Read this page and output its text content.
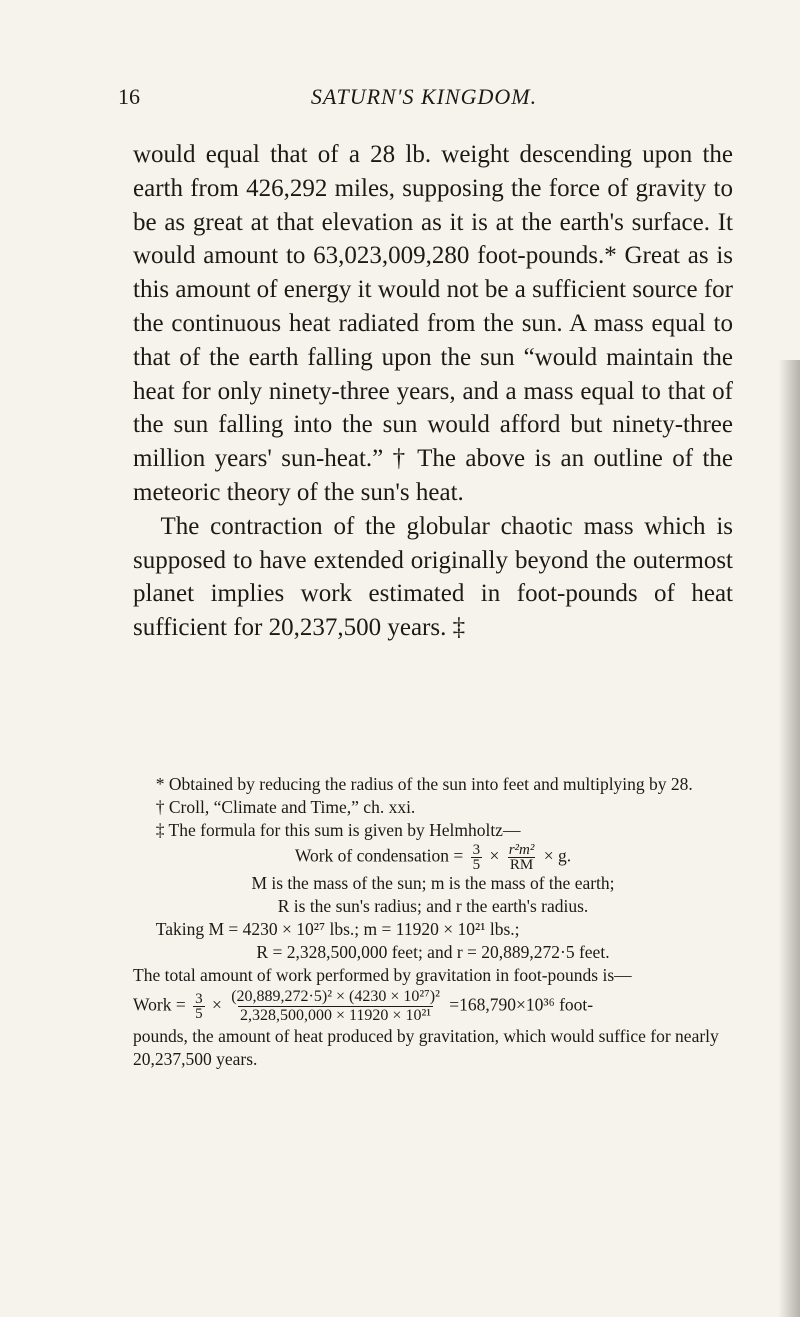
16	SATURN'S KINGDOM.

would equal that of a 28 lb. weight descending upon the earth from 426,292 miles, supposing the force of gravity to be as great at that elevation as it is at the earth's surface. It would amount to 63,023,009,280 foot-pounds.* Great as is this amount of energy it would not be a sufficient source for the continuous heat radiated from the sun. A mass equal to that of the earth falling upon the sun “would maintain the heat for only ninety-three years, and a mass equal to that of the sun falling into the sun would afford but ninety-three million years' sun-heat.” † The above is an outline of the meteoric theory of the sun's heat.

The contraction of the globular chaotic mass which is supposed to have extended originally beyond the outermost planet implies work estimated in foot-pounds of heat sufficient for 20,237,500 years. ‡

* Obtained by reducing the radius of the sun into feet and multiplying by 28.

† Croll, “Climate and Time,” ch. xxi.

‡ The formula for this sum is given by Helmholtz—

Work of condensation = $\frac{3}{5} \times \frac{\text{r²m²}}{RM} \times g$.

M is the mass of the sun; m is the mass of the earth;

R is the sun's radius; and r the earth's radius.

Taking M = 4230 × 10²⁷ lbs.; m = 11920 × 10²¹ lbs.;

R = 2,328,500,000 feet; and r = 20,889,272·5 feet.

The total amount of work performed by gravitation in foot-pounds is—

Work = $\frac{3}{5} \times \frac{\text{(20,889,272·5)² × (4230 × 10²⁷)²}}{\text{2,328,500,000 × 11920 × 10²¹}} =168,790\times 10^{36}$ foot-

pounds, the amount of heat produced by gravitation, which would suffice for nearly 20,237,500 years.
